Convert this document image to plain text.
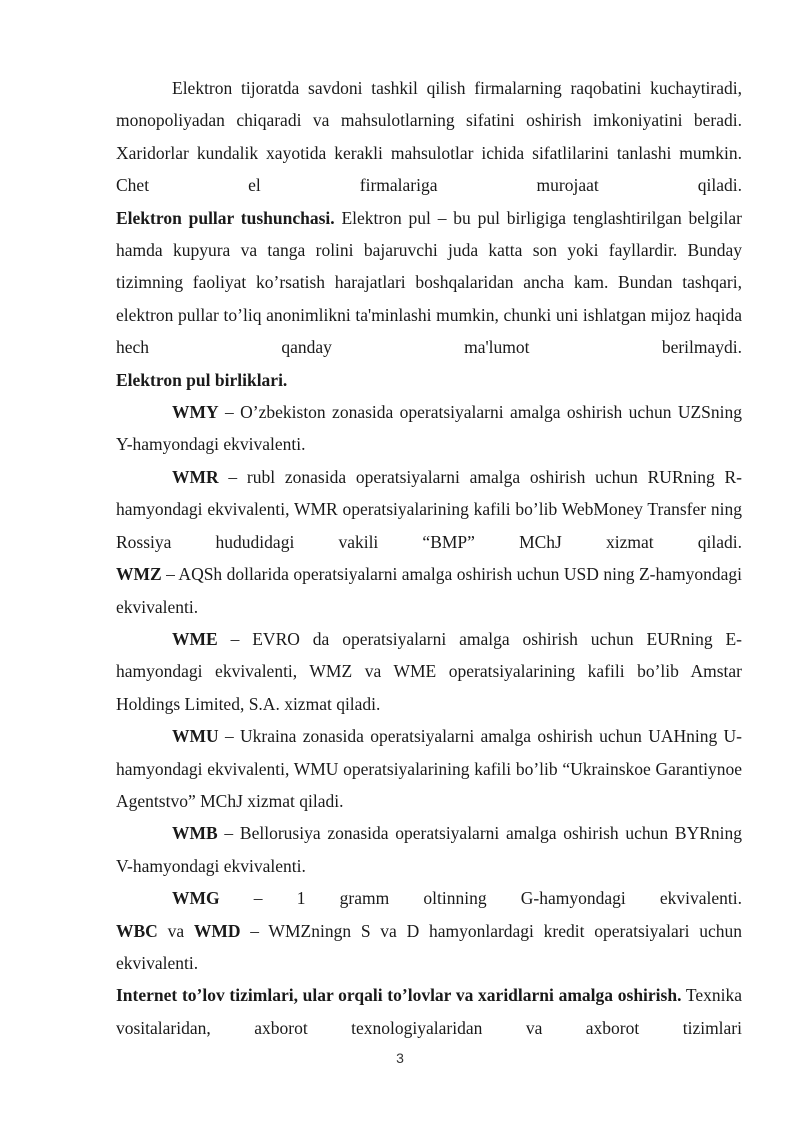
Elektron tijoratda savdoni tashkil qilish firmalarning raqobatini kuchaytiradi, monopoliyadan chiqaradi va mahsulotlarning sifatini oshirish imkoniyatini beradi. Xaridorlar kundalik xayotida kerakli mahsulotlar ichida sifatlilarini tanlashi mumkin. Chet el firmalariga murojaat qiladi.

Elektron pullar tushunchasi. Elektron pul – bu pul birligiga tenglashtirilgan belgilar hamda kupyura va tanga rolini bajaruvchi juda katta son yoki fayllardir. Bunday tizimning faoliyat ko’rsatish harajatlari boshqalaridan ancha kam. Bundan tashqari, elektron pullar to’liq anonimlikni ta'minlashi mumkin, chunki uni ishlatgan mijoz haqida hech qanday ma'lumot berilmaydi.

Elektron pul birliklari.

WMY – O’zbekiston zonasida operatsiyalarni amalga oshirish uchun UZSning Y-hamyondagi ekvivalenti.

WMR – rubl zonasida operatsiyalarni amalga oshirish uchun RURning R-hamyondagi ekvivalenti, WMR operatsiyalarining kafili bo’lib WebMoney Transfer ning Rossiya hududidagi vakili “BMP” MChJ xizmat qiladi.

WMZ – AQSh dollarida operatsiyalarni amalga oshirish uchun USD ning Z-hamyondagi ekvivalenti.

WME – EVRO da operatsiyalarni amalga oshirish uchun EURning E-hamyondagi ekvivalenti, WMZ va WME operatsiyalarining kafili bo’lib Amstar Holdings Limited, S.A. xizmat qiladi.

WMU – Ukraina zonasida operatsiyalarni amalga oshirish uchun UAHning U-hamyondagi ekvivalenti, WMU operatsiyalarining kafili bo’lib “Ukrainskoe Garantiynoe Agentstvo” MChJ xizmat qiladi.

WMB – Bellorusiya zonasida operatsiyalarni amalga oshirish uchun BYRning V-hamyondagi ekvivalenti.

WMG – 1 gramm oltinning G-hamyondagi ekvivalenti.

WBC va WMD – WMZningn S va D hamyonlardagi kredit operatsiyalari uchun ekvivalenti.

Internet to’lov tizimlari, ular orqali to’lovlar va xaridlarni amalga oshirish. Texnika vositalaridan, axborot texnologiyalaridan va axborot tizimlari

3
